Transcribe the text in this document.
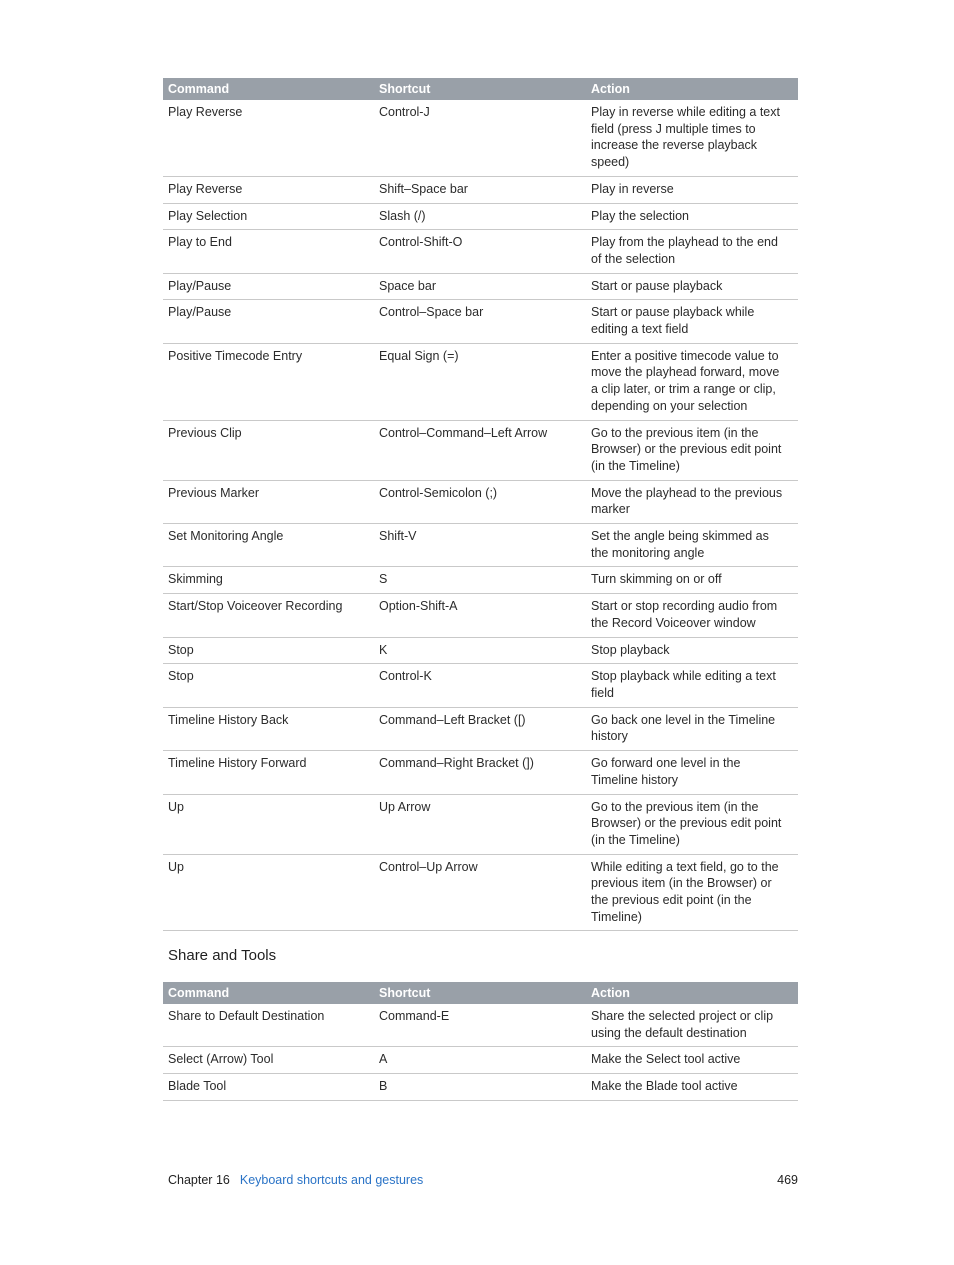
Command	Shortcut	Action
Play Reverse	Control-J	Play in reverse while editing a text field (press J multiple times to increase the reverse playback speed)
Play Reverse	Shift–Space bar	Play in reverse
Play Selection	Slash (/)	Play the selection
Play to End	Control-Shift-O	Play from the playhead to the end of the selection
Play/Pause	Space bar	Start or pause playback
Play/Pause	Control–Space bar	Start or pause playback while editing a text field
Positive Timecode Entry	Equal Sign (=)	Enter a positive timecode value to move the playhead forward, move a clip later, or trim a range or clip, depending on your selection
Previous Clip	Control–Command–Left Arrow	Go to the previous item (in the Browser) or the previous edit point (in the Timeline)
Previous Marker	Control-Semicolon (;)	Move the playhead to the previous marker
Set Monitoring Angle	Shift-V	Set the angle being skimmed as the monitoring angle
Skimming	S	Turn skimming on or off
Start/Stop Voiceover Recording	Option-Shift-A	Start or stop recording audio from the Record Voiceover window
Stop	K	Stop playback
Stop	Control-K	Stop playback while editing a text field
Timeline History Back	Command–Left Bracket ([)	Go back one level in the Timeline history
Timeline History Forward	Command–Right Bracket (])	Go forward one level in the Timeline history
Up	Up Arrow	Go to the previous item (in the Browser) or the previous edit point (in the Timeline)
Up	Control–Up Arrow	While editing a text field, go to the previous item (in the Browser) or the previous edit point (in the Timeline)
Share and Tools
Command	Shortcut	Action
Share to Default Destination	Command-E	Share the selected project or clip using the default destination
Select (Arrow) Tool	A	Make the Select tool active
Blade Tool	B	Make the Blade tool active
Chapter 16 Keyboard shortcuts and gestures	469
